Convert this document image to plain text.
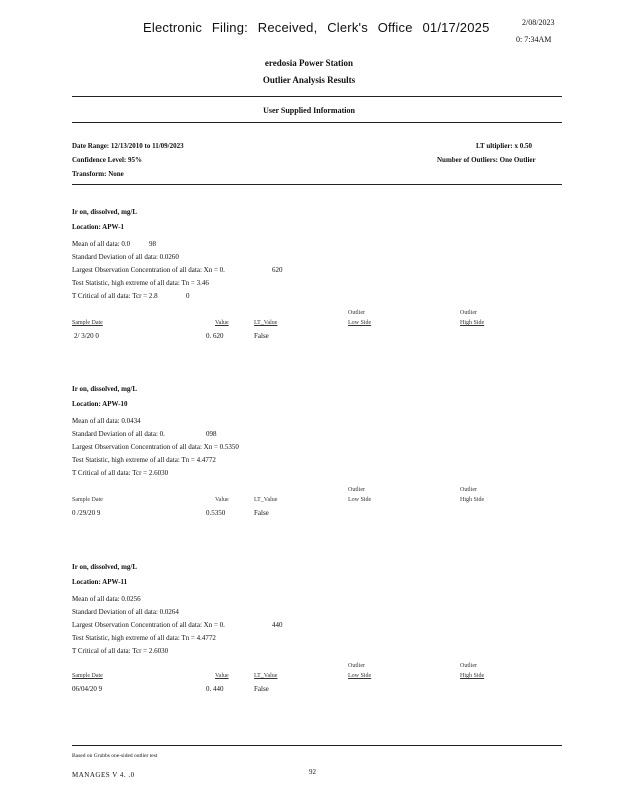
Electronic Filing: Received, Clerk's Office 01/17/2025	2/08/2023
0: 7:34AM
eredosia Power Station
Outlier Analysis Results
User Supplied Information
Date Range: 12/13/2010 to 11/09/2023
Confidence Level: 95%
Transform: None
LT ultiplier: x 0.50
Number of Outliers: One Outlier
Ir on, dissolved, mg/L
Location: APW-1
Mean of all data: 0.0	98
Standard Deviation of all data: 0.0260
Largest Observation Concentration of all data: Xn = 0.	620
Test Statistic, high extreme of all data: Tn = 3.46
T Critical of all data: Tcr = 2.8	0
Outlier	Outlier
Sample Date	Value	LT_Value	Low Side	High Side
2/ 3/20 0	0. 620	False
Ir on, dissolved, mg/L
Location: APW-10
Mean of all data: 0.0434
Standard Deviation of all data: 0.	098
Largest Observation Concentration of all data: Xn = 0.5350
Test Statistic, high extreme of all data: Tn = 4.4772
T Critical of all data: Tcr = 2.6030
Outlier	Outlier
Sample Date	Value	LT_Value	Low Side	High Side
0 /29/20 9	0.5350	False
Ir on, dissolved, mg/L
Location: APW-11
Mean of all data: 0.0256
Standard Deviation of all data: 0.0264
Largest Observation Concentration of all data: Xn = 0.	440
Test Statistic, high extreme of all data: Tn = 4.4772
T Critical of all data: Tcr = 2.6030
Outlier	Outlier
Sample Date	Value	LT_Value	Low Side	High Side
06/04/20 9	0. 440	False
Based on Grubbs one-sided outlier test
MANAGES V 4. .0	92
